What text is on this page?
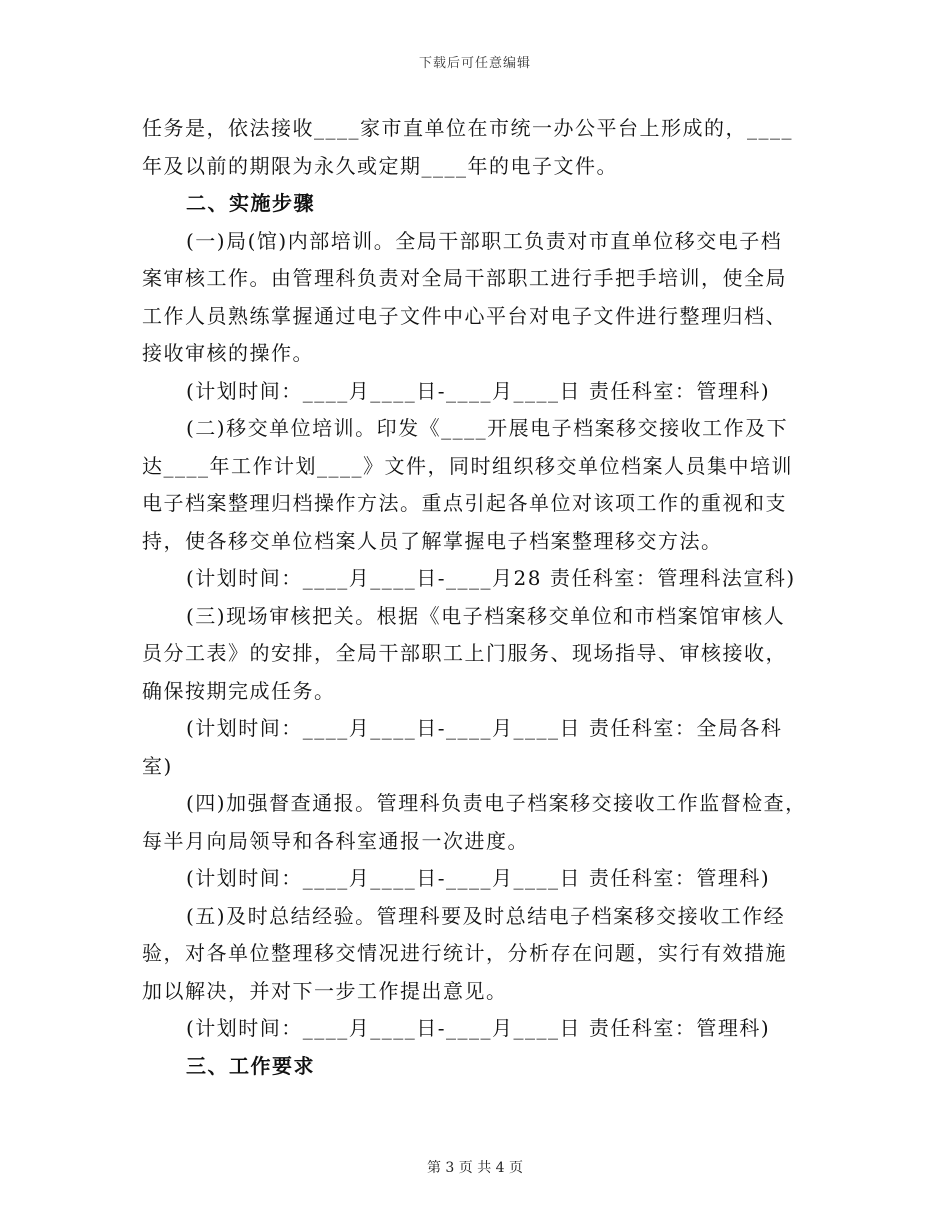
下载后可任意编辑
任务是，依法接收____家市直单位在市统一办公平台上形成的，____
年及以前的期限为永久或定期____年的电子文件。
二、实施步骤
(一)局(馆)内部培训。全局干部职工负责对市直单位移交电子档
案审核工作。由管理科负责对全局干部职工进行手把手培训，使全局
工作人员熟练掌握通过电子文件中心平台对电子文件进行整理归档、
接收审核的操作。
(计划时间：____月____日-____月____日 责任科室：管理科)
(二)移交单位培训。印发《____开展电子档案移交接收工作及下
达____年工作计划____》文件，同时组织移交单位档案人员集中培训
电子档案整理归档操作方法。重点引起各单位对该项工作的重视和支
持，使各移交单位档案人员了解掌握电子档案整理移交方法。
(计划时间：____月____日-____月28 责任科室：管理科法宣科)
(三)现场审核把关。根据《电子档案移交单位和市档案馆审核人
员分工表》的安排，全局干部职工上门服务、现场指导、审核接收，
确保按期完成任务。
(计划时间：____月____日-____月____日 责任科室：全局各科
室)
(四)加强督查通报。管理科负责电子档案移交接收工作监督检查，
每半月向局领导和各科室通报一次进度。
(计划时间：____月____日-____月____日 责任科室：管理科)
(五)及时总结经验。管理科要及时总结电子档案移交接收工作经
验，对各单位整理移交情况进行统计，分析存在问题，实行有效措施
加以解决，并对下一步工作提出意见。
(计划时间：____月____日-____月____日 责任科室：管理科)
三、工作要求
第 3 页 共 4 页
